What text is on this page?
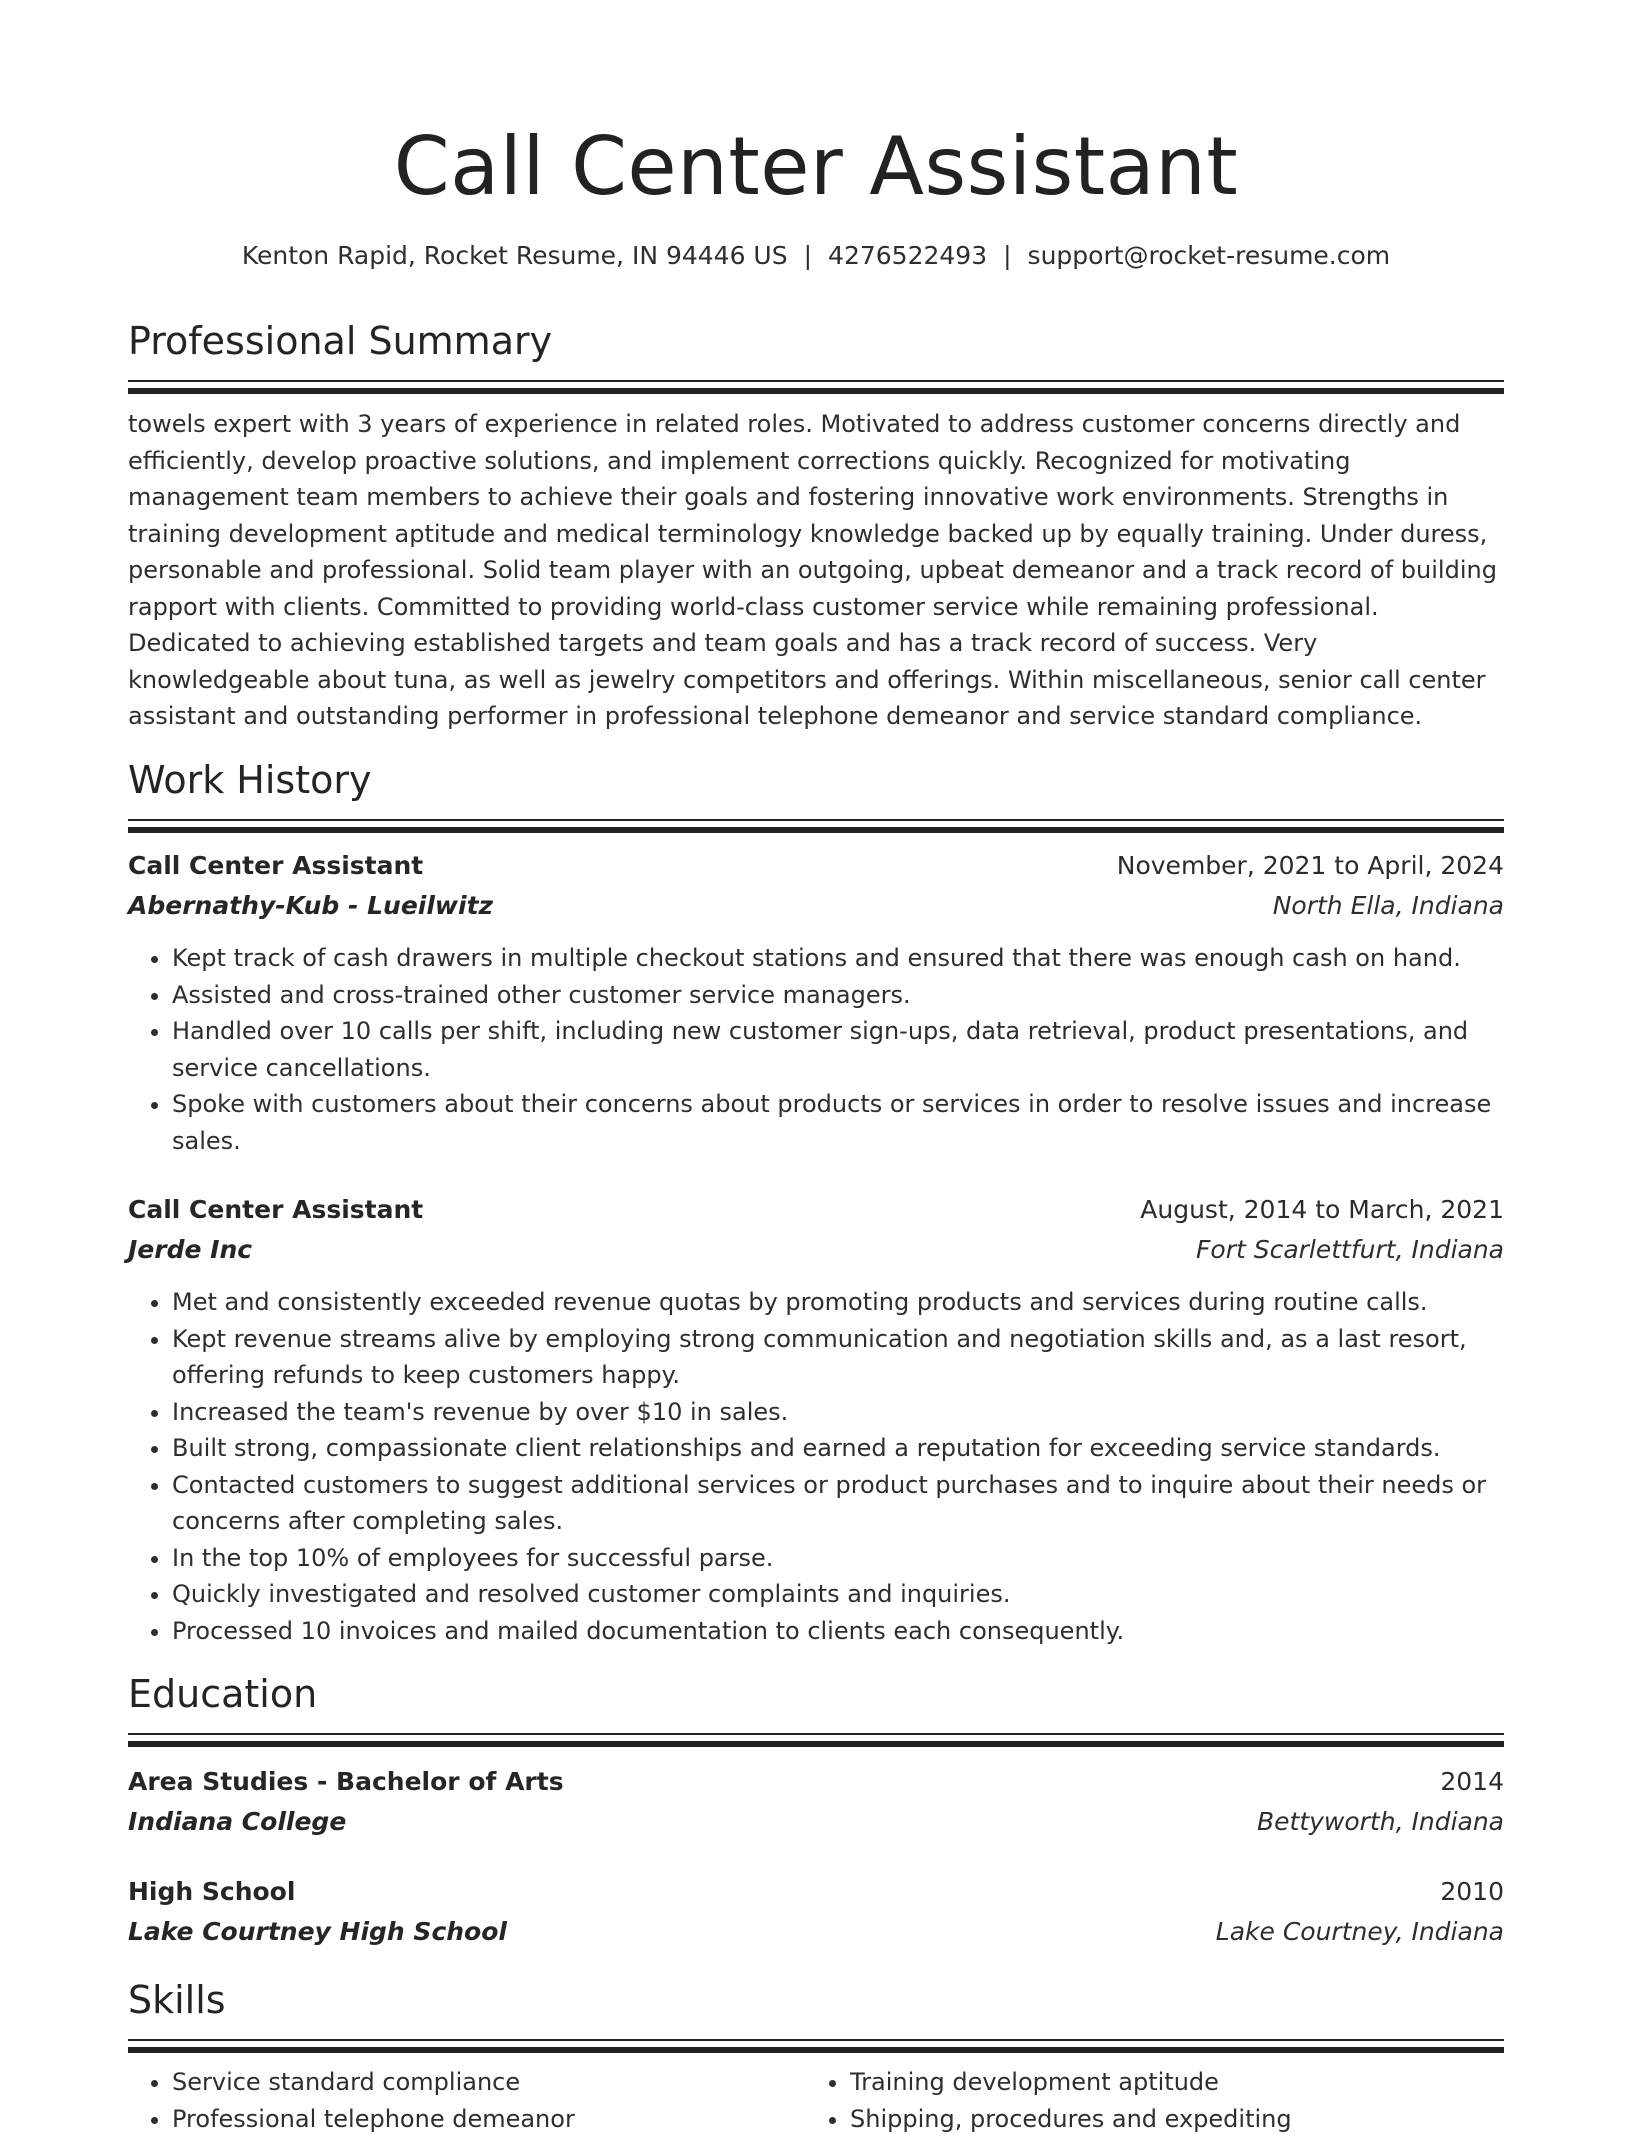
Call Center Assistant
Kenton Rapid, Rocket Resume, IN 94446 US | 4276522493 | support@rocket-resume.com
Professional Summary

towels expert with 3 years of experience in related roles. Motivated to address customer concerns directly and efficiently, develop proactive solutions, and implement corrections quickly. Recognized for motivating management team members to achieve their goals and fostering innovative work environments. Strengths in training development aptitude and medical terminology knowledge backed up by equally training. Under duress, personable and professional. Solid team player with an outgoing, upbeat demeanor and a track record of building rapport with clients. Committed to providing world-class customer service while remaining professional. Dedicated to achieving established targets and team goals and has a track record of success. Very knowledgeable about tuna, as well as jewelry competitors and offerings. Within miscellaneous, senior call center assistant and outstanding performer in professional telephone demeanor and service standard compliance.

Work History
Call Center Assistant	November, 2021 to April, 2024
Abernathy-Kub - Lueilwitz	North Ella, Indiana
• Kept track of cash drawers in multiple checkout stations and ensured that there was enough cash on hand.
• Assisted and cross-trained other customer service managers.
• Handled over 10 calls per shift, including new customer sign-ups, data retrieval, product presentations, and service cancellations.
• Spoke with customers about their concerns about products or services in order to resolve issues and increase sales.
Call Center Assistant	August, 2014 to March, 2021
Jerde Inc	Fort Scarlettfurt, Indiana
• Met and consistently exceeded revenue quotas by promoting products and services during routine calls.
• Kept revenue streams alive by employing strong communication and negotiation skills and, as a last resort, offering refunds to keep customers happy.
• Increased the team's revenue by over $10 in sales.
• Built strong, compassionate client relationships and earned a reputation for exceeding service standards.
• Contacted customers to suggest additional services or product purchases and to inquire about their needs or concerns after completing sales.
• In the top 10% of employees for successful parse.
• Quickly investigated and resolved customer complaints and inquiries.
• Processed 10 invoices and mailed documentation to clients each consequently.
Education
Area Studies - Bachelor of Arts	2014
Indiana College	Bettyworth, Indiana
High School	2010
Lake Courtney High School	Lake Courtney, Indiana
Skills
• Service standard compliance
• Professional telephone demeanor
• Training development aptitude
• Shipping, procedures and expediting
